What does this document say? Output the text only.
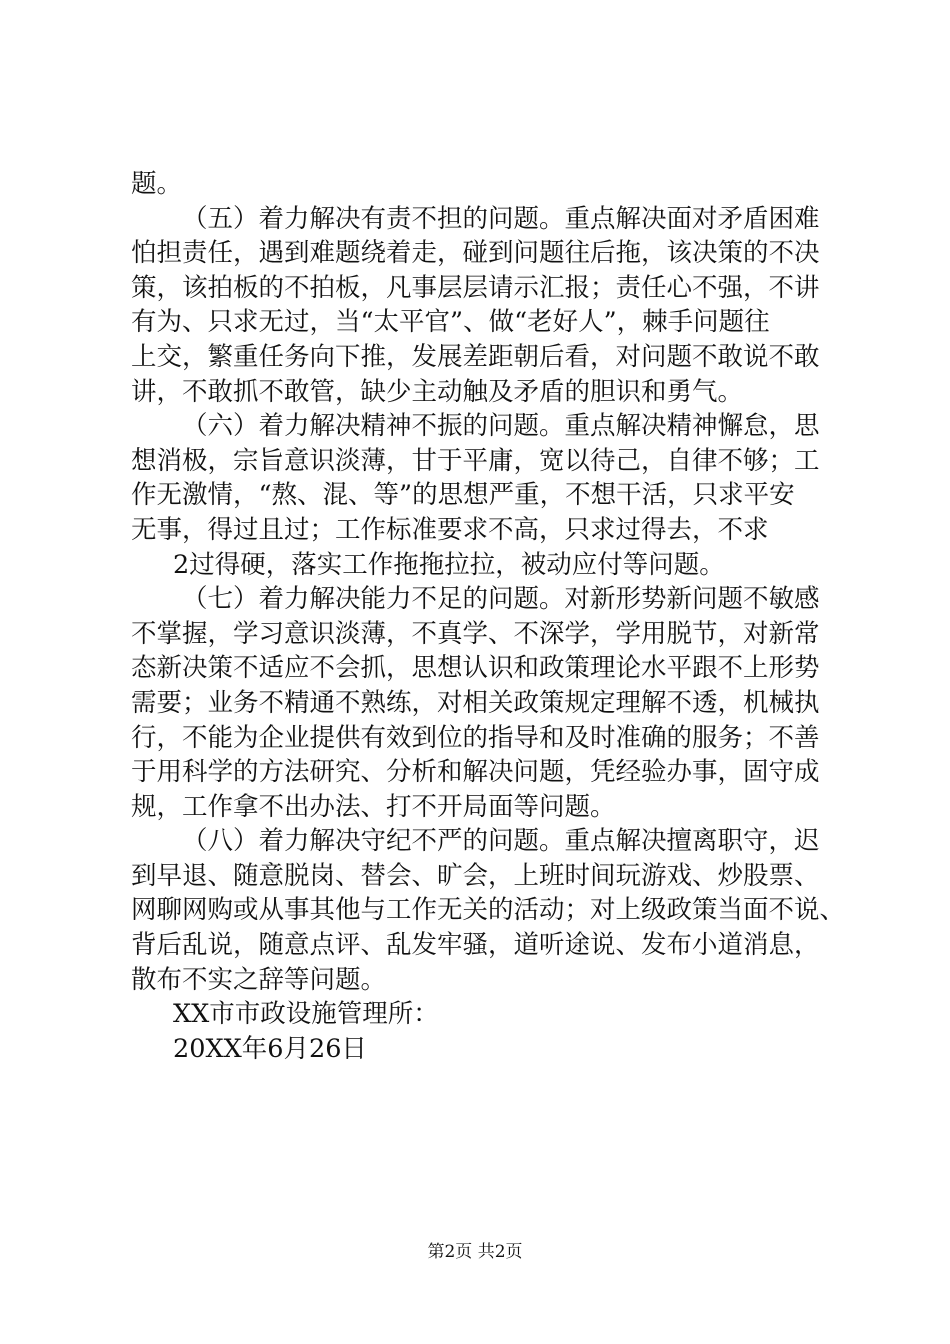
题。
（五）着力解决有责不担的问题。重点解决面对矛盾困难
怕担责任，遇到难题绕着走，碰到问题往后拖，该决策的不决
策，该拍板的不拍板，凡事层层请示汇报；责任心不强，不讲
有为、只求无过，当“太平官”、做“老好人”，棘手问题往
上交，繁重任务向下推，发展差距朝后看，对问题不敢说不敢
讲，不敢抓不敢管，缺少主动触及矛盾的胆识和勇气。
（六）着力解决精神不振的问题。重点解决精神懈怠，思
想消极，宗旨意识淡薄，甘于平庸，宽以待己，自律不够；工
作无激情，“熬、混、等”的思想严重，不想干活，只求平安
无事，得过且过；工作标准要求不高，只求过得去，不求
2过得硬，落实工作拖拖拉拉，被动应付等问题。
（七）着力解决能力不足的问题。对新形势新问题不敏感
不掌握，学习意识淡薄，不真学、不深学，学用脱节，对新常
态新决策不适应不会抓，思想认识和政策理论水平跟不上形势
需要；业务不精通不熟练，对相关政策规定理解不透，机械执
行，不能为企业提供有效到位的指导和及时准确的服务；不善
于用科学的方法研究、分析和解决问题，凭经验办事，固守成
规，工作拿不出办法、打不开局面等问题。
（八）着力解决守纪不严的问题。重点解决擅离职守，迟
到早退、随意脱岗、替会、旷会，上班时间玩游戏、炒股票、
网聊网购或从事其他与工作无关的活动；对上级政策当面不说、
背后乱说，随意点评、乱发牢骚，道听途说、发布小道消息，
散布不实之辞等问题。
XX市市政设施管理所：
20XX年6月26日
第2页 共2页
